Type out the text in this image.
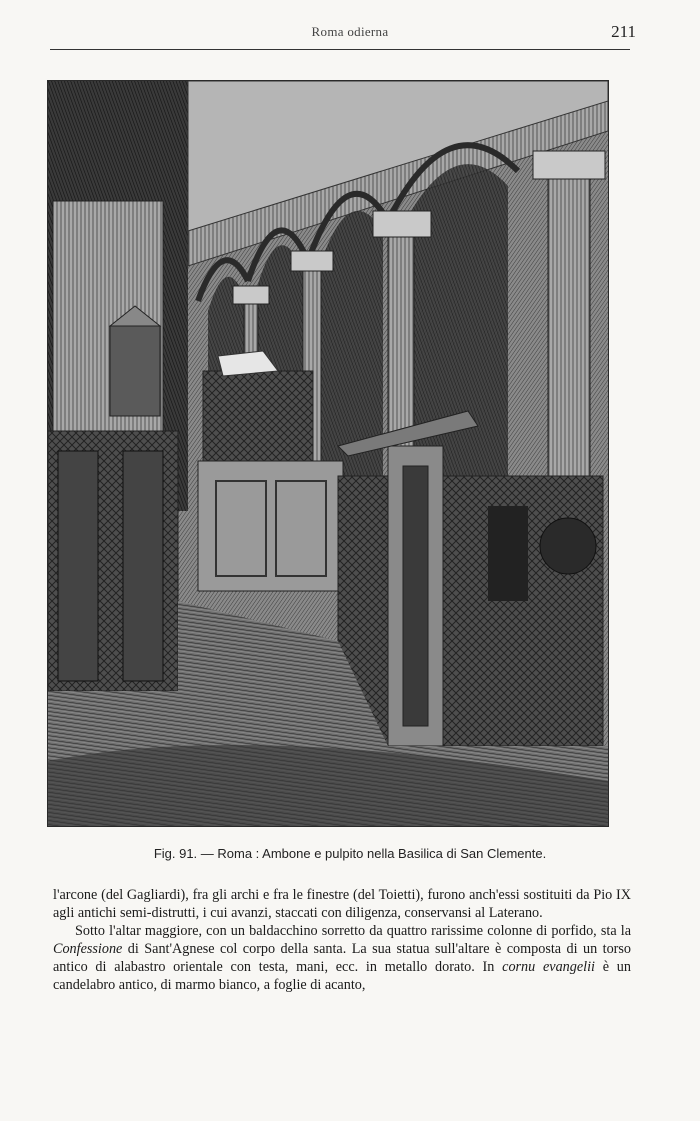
Roma odierna	211
Fig. 91. — Roma : Ambone e pulpito nella Basilica di San Clemente.

l'arcone (del Gagliardi), fra gli archi e fra le finestre (del Toietti), furono anch'essi sostituiti da Pio IX agli antichi semi-distrutti, i cui avanzi, staccati con diligenza, conservansi al Laterano.

Sotto l'altar maggiore, con un baldacchino sorretto da quattro rarissime colonne di porfido, sta la Confessione di Sant'Agnese col corpo della santa. La sua statua sull'altare è composta di un torso antico di alabastro orientale con testa, mani, ecc. in metallo dorato. In cornu evangelii è un candelabro antico, di marmo bianco, a foglie di acanto,
